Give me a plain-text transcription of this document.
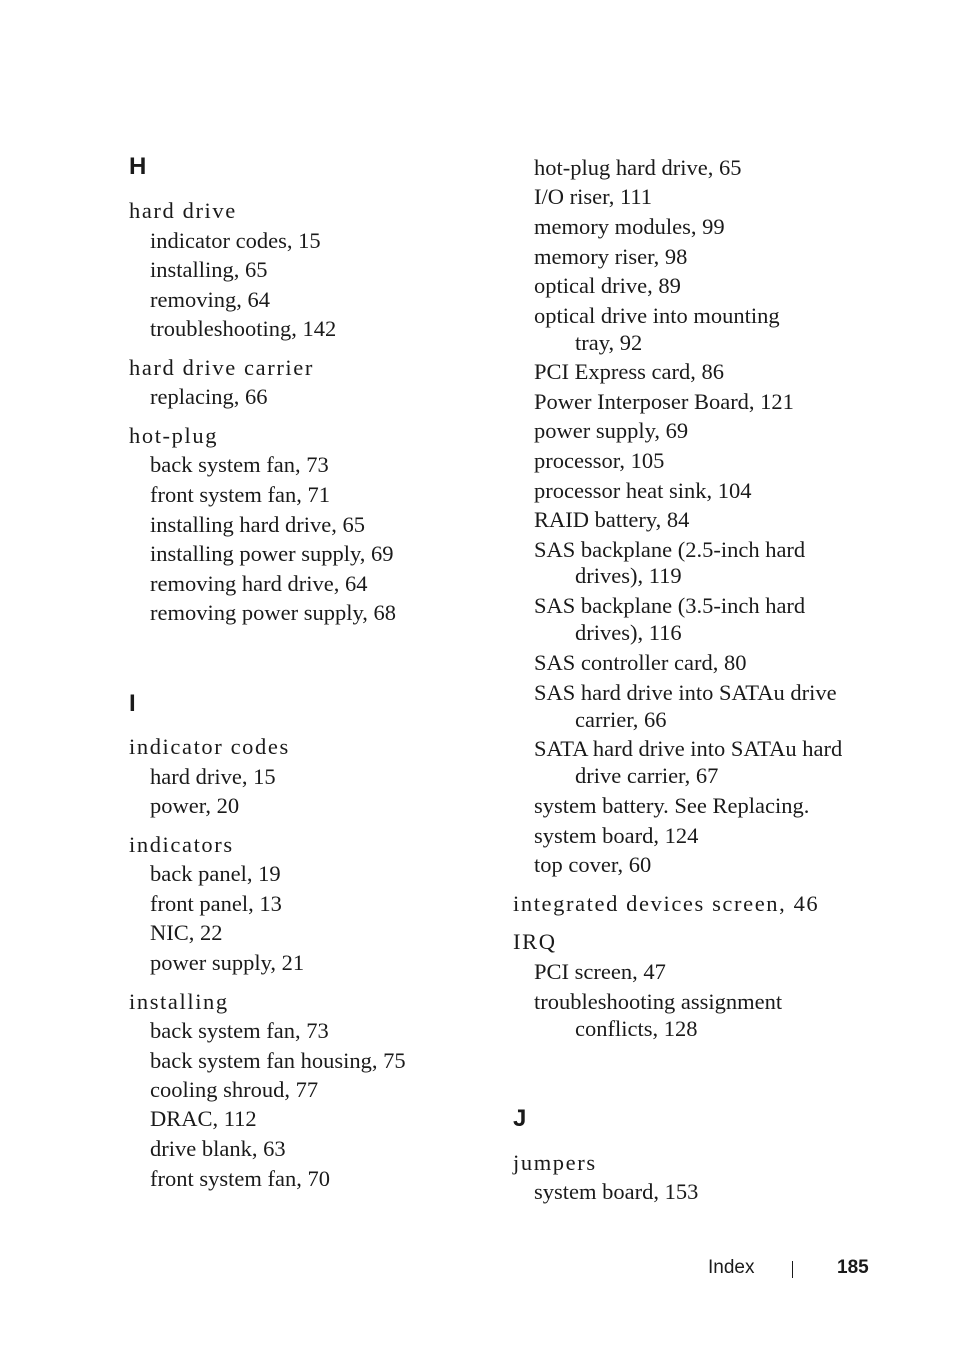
H
hard drive
indicator codes, 15
installing, 65
removing, 64
troubleshooting, 142
hard drive carrier
replacing, 66
hot-plug
back system fan, 73
front system fan, 71
installing hard drive, 65
installing power supply, 69
removing hard drive, 64
removing power supply, 68
I
indicator codes
hard drive, 15
power, 20
indicators
back panel, 19
front panel, 13
NIC, 22
power supply, 21
installing
back system fan, 73
back system fan housing, 75
cooling shroud, 77
DRAC, 112
drive blank, 63
front system fan, 70
hot-plug hard drive, 65
I/O riser, 111
memory modules, 99
memory riser, 98
optical drive, 89
optical drive into mounting
tray, 92
PCI Express card, 86
Power Interposer Board, 121
power supply, 69
processor, 105
processor heat sink, 104
RAID battery, 84
SAS backplane (2.5-inch hard
drives), 119
SAS backplane (3.5-inch hard
drives), 116
SAS controller card, 80
SAS hard drive into SATAu drive
carrier, 66
SATA hard drive into SATAu hard
drive carrier, 67
system battery. See Replacing.
system board, 124
top cover, 60
integrated devices screen, 46
IRQ
PCI screen, 47
troubleshooting assignment
conflicts, 128
J
jumpers
system board, 153
Index	185
